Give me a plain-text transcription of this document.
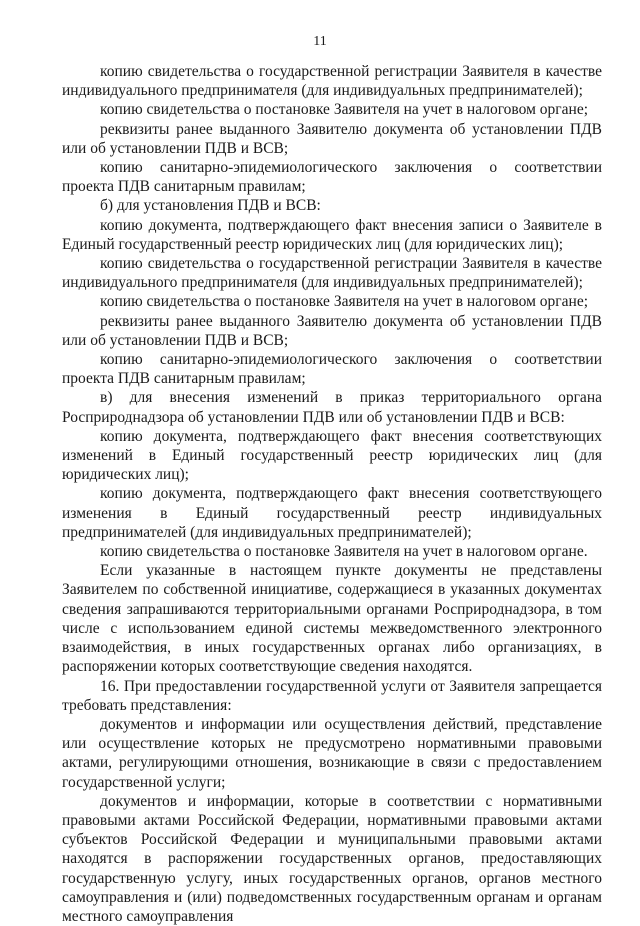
11

копию свидетельства о государственной регистрации Заявителя в качестве индивидуального предпринимателя (для индивидуальных предпринимателей);

копию свидетельства о постановке Заявителя на учет в налоговом органе;

реквизиты ранее выданного Заявителю документа об установлении ПДВ или об установлении ПДВ и ВСВ;

копию санитарно-эпидемиологического заключения о соответствии проекта ПДВ санитарным правилам;

б) для установления ПДВ и ВСВ:

копию документа, подтверждающего факт внесения записи о Заявителе в Единый государственный реестр юридических лиц (для юридических лиц);

копию свидетельства о государственной регистрации Заявителя в качестве индивидуального предпринимателя (для индивидуальных предпринимателей);

копию свидетельства о постановке Заявителя на учет в налоговом органе;

реквизиты ранее выданного Заявителю документа об установлении ПДВ или об установлении ПДВ и ВСВ;

копию санитарно-эпидемиологического заключения о соответствии проекта ПДВ санитарным правилам;

в) для внесения изменений в приказ территориального органа Росприроднадзора об установлении ПДВ или об установлении ПДВ и ВСВ:

копию документа, подтверждающего факт внесения соответствующих изменений в Единый государственный реестр юридических лиц (для юридических лиц);

копию документа, подтверждающего факт внесения соответствующего изменения в Единый государственный реестр индивидуальных предпринимателей (для индивидуальных предпринимателей);

копию свидетельства о постановке Заявителя на учет в налоговом органе.

Если указанные в настоящем пункте документы не представлены Заявителем по собственной инициативе, содержащиеся в указанных документах сведения запрашиваются территориальными органами Росприроднадзора, в том числе с использованием единой системы межведомственного электронного взаимодействия, в иных государственных органах либо организациях, в распоряжении которых соответствующие сведения находятся.

16. При предоставлении государственной услуги от Заявителя запрещается требовать представления:

документов и информации или осуществления действий, представление или осуществление которых не предусмотрено нормативными правовыми актами, регулирующими отношения, возникающие в связи с предоставлением государственной услуги;

документов и информации, которые в соответствии с нормативными правовыми актами Российской Федерации, нормативными правовыми актами субъектов Российской Федерации и муниципальными правовыми актами находятся в распоряжении государственных органов, предоставляющих государственную услугу, иных государственных органов, органов местного самоуправления и (или) подведомственных государственным органам и органам местного самоуправления
